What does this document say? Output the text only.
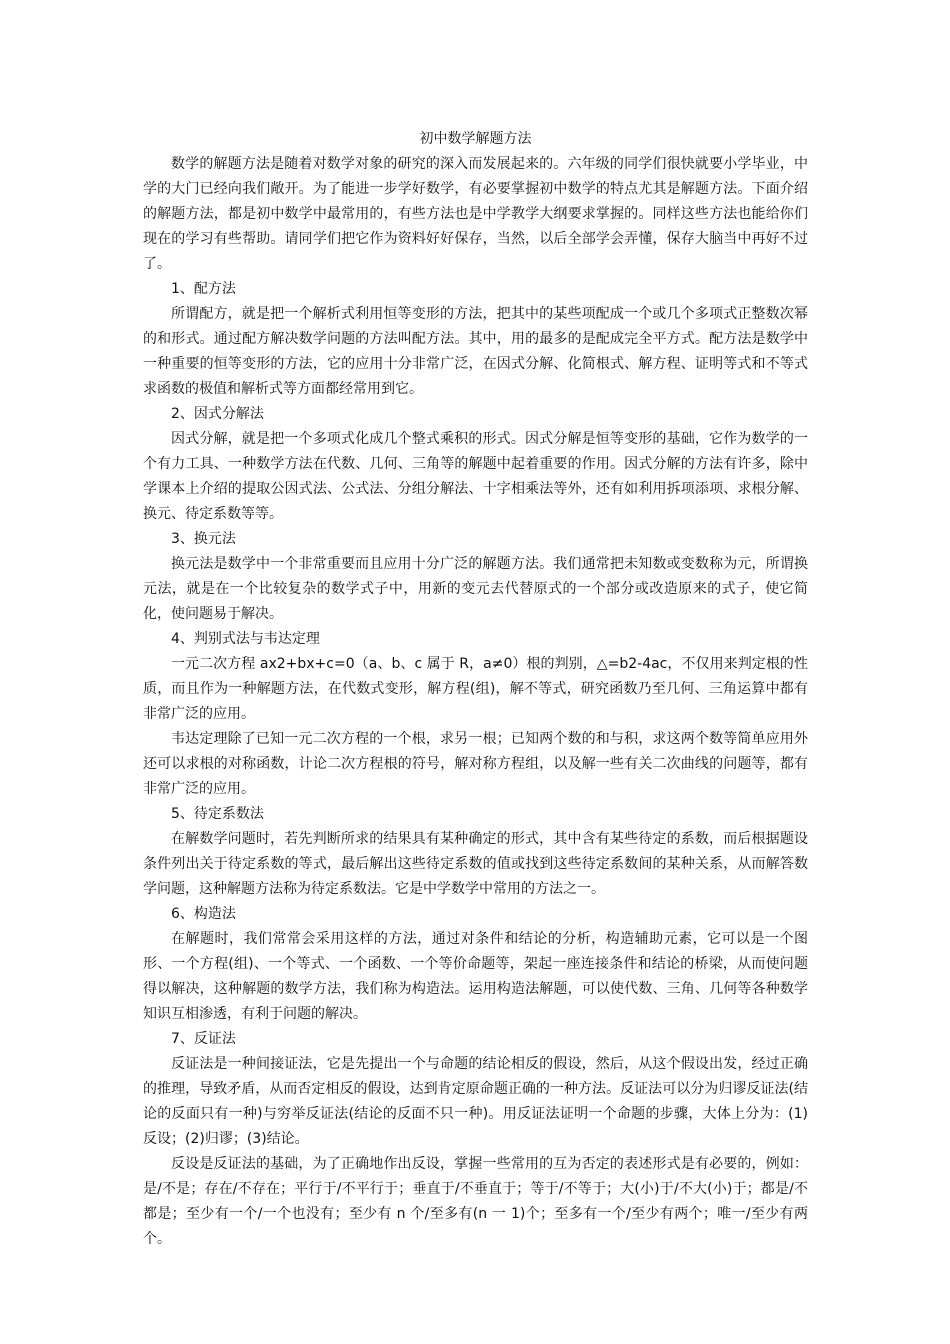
初中数学解题方法

数学的解题方法是随着对数学对象的研究的深入而发展起来的。六年级的同学们很快就要小学毕业，中学的大门已经向我们敞开。为了能进一步学好数学，有必要掌握初中数学的特点尤其是解题方法。下面介绍的解题方法，都是初中数学中最常用的，有些方法也是中学教学大纲要求掌握的。同样这些方法也能给你们现在的学习有些帮助。请同学们把它作为资料好好保存，当然，以后全部学会弄懂，保存大脑当中再好不过了。

1、配方法

所谓配方，就是把一个解析式利用恒等变形的方法，把其中的某些项配成一个或几个多项式正整数次幂的和形式。通过配方解决数学问题的方法叫配方法。其中，用的最多的是配成完全平方式。配方法是数学中一种重要的恒等变形的方法，它的应用十分非常广泛，在因式分解、化简根式、解方程、证明等式和不等式求函数的极值和解析式等方面都经常用到它。

2、因式分解法

因式分解，就是把一个多项式化成几个整式乘积的形式。因式分解是恒等变形的基础，它作为数学的一个有力工具、一种数学方法在代数、几何、三角等的解题中起着重要的作用。因式分解的方法有许多，除中学课本上介绍的提取公因式法、公式法、分组分解法、十字相乘法等外，还有如利用拆项添项、求根分解、换元、待定系数等等。

3、换元法

换元法是数学中一个非常重要而且应用十分广泛的解题方法。我们通常把未知数或变数称为元，所谓换元法，就是在一个比较复杂的数学式子中，用新的变元去代替原式的一个部分或改造原来的式子，使它简化，使问题易于解决。

4、判别式法与韦达定理

一元二次方程 ax2+bx+c=0（a、b、c 属于 R，a≠0）根的判别，△=b2-4ac，不仅用来判定根的性质，而且作为一种解题方法，在代数式变形，解方程(组)，解不等式，研究函数乃至几何、三角运算中都有非常广泛的应用。

韦达定理除了已知一元二次方程的一个根，求另一根；已知两个数的和与积，求这两个数等简单应用外还可以求根的对称函数，计论二次方程根的符号，解对称方程组，以及解一些有关二次曲线的问题等，都有非常广泛的应用。

5、待定系数法

在解数学问题时，若先判断所求的结果具有某种确定的形式，其中含有某些待定的系数，而后根据题设条件列出关于待定系数的等式，最后解出这些待定系数的值或找到这些待定系数间的某种关系，从而解答数学问题，这种解题方法称为待定系数法。它是中学数学中常用的方法之一。

6、构造法

在解题时，我们常常会采用这样的方法，通过对条件和结论的分析，构造辅助元素，它可以是一个图形、一个方程(组)、一个等式、一个函数、一个等价命题等，架起一座连接条件和结论的桥梁，从而使问题得以解决，这种解题的数学方法，我们称为构造法。运用构造法解题，可以使代数、三角、几何等各种数学知识互相渗透，有利于问题的解决。

7、反证法

反证法是一种间接证法，它是先提出一个与命题的结论相反的假设，然后，从这个假设出发，经过正确的推理，导致矛盾，从而否定相反的假设，达到肯定原命题正确的一种方法。反证法可以分为归谬反证法(结论的反面只有一种)与穷举反证法(结论的反面不只一种)。用反证法证明一个命题的步骤，大体上分为：(1)反设；(2)归谬；(3)结论。

反设是反证法的基础，为了正确地作出反设，掌握一些常用的互为否定的表述形式是有必要的，例如：是/不是；存在/不存在；平行于/不平行于；垂直于/不垂直于；等于/不等于；大(小)于/不大(小)于；都是/不都是；至少有一个/一个也没有；至少有 n 个/至多有(n 一 1)个；至多有一个/至少有两个；唯一/至少有两个。
